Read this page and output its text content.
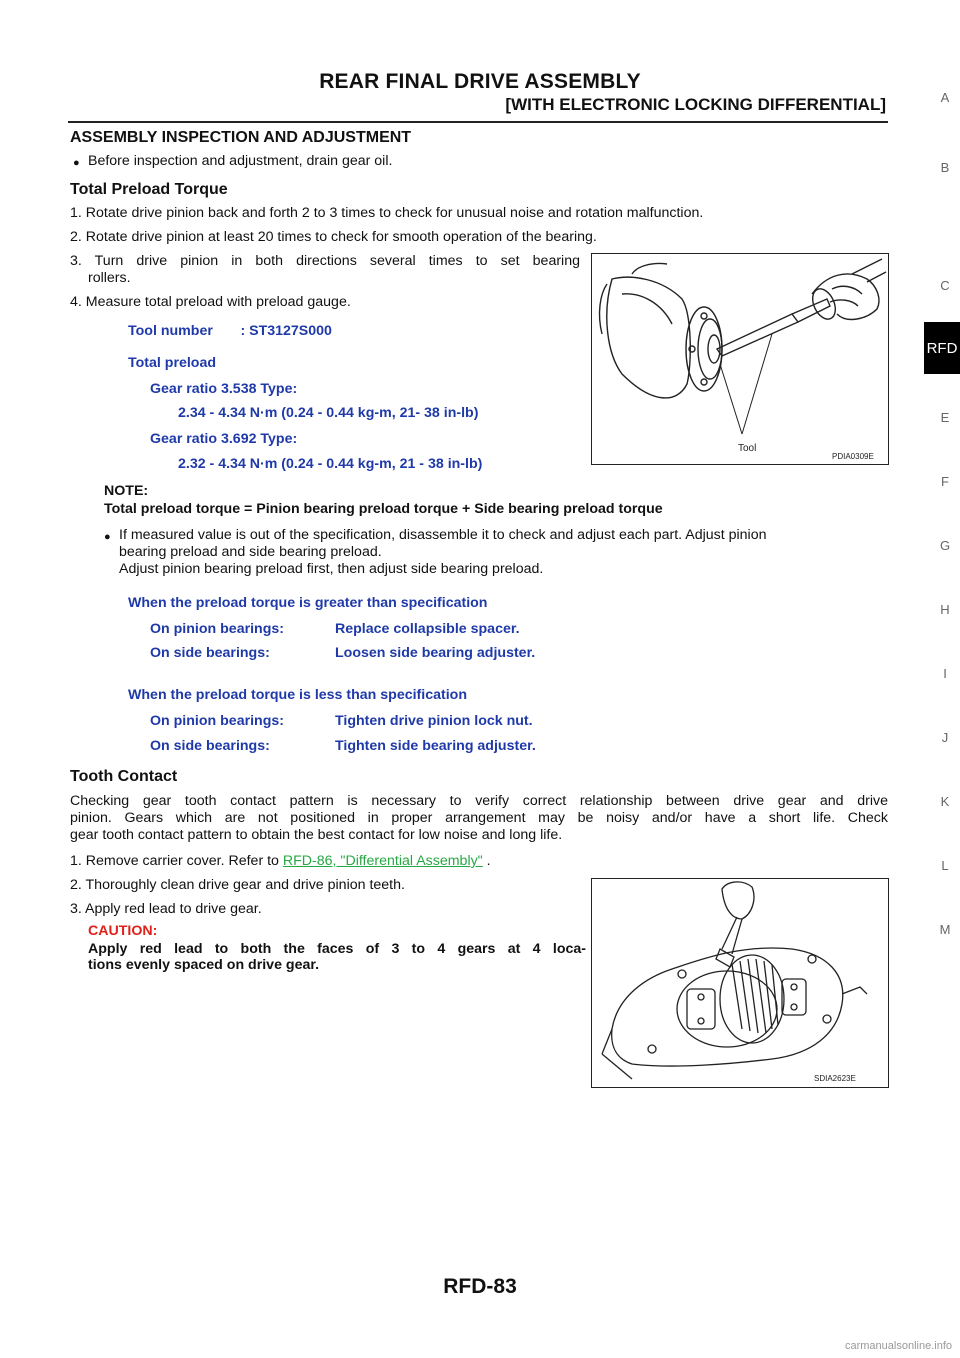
REAR FINAL DRIVE ASSEMBLY
[WITH ELECTRONIC LOCKING DIFFERENTIAL]	A
B
C
RFD
E
F
G
H
I
J
K
L
M
ASSEMBLY INSPECTION AND ADJUSTMENT
● Before inspection and adjustment, drain gear oil.
Total Preload Torque
1. Rotate drive pinion back and forth 2 to 3 times to check for unusual noise and rotation malfunction.
2. Rotate drive pinion at least 20 times to check for smooth operation of the bearing.
3. Turn drive pinion in both directions several times to set bearing
rollers.
4. Measure total preload with preload gauge.
Tool number       : ST3127S000
Total preload
Gear ratio 3.538 Type:
2.34 - 4.34 N·m (0.24 - 0.44 kg-m, 21- 38 in-lb)
Gear ratio 3.692 Type:
2.32 - 4.34 N·m (0.24 - 0.44 kg-m, 21 - 38 in-lb)
Tool
PDIA0309E
NOTE:
Total preload torque = Pinion bearing preload torque + Side bearing preload torque
● If measured value is out of the specification, disassemble it to check and adjust each part. Adjust pinion
bearing preload and side bearing preload.
Adjust pinion bearing preload first, then adjust side bearing preload.
When the preload torque is greater than specification
On pinion bearings:	Replace collapsible spacer.
On side bearings:	Loosen side bearing adjuster.
When the preload torque is less than specification
On pinion bearings:	Tighten drive pinion lock nut.
On side bearings:	Tighten side bearing adjuster.
Tooth Contact
Checking gear tooth contact pattern is necessary to verify correct relationship between drive gear and drive
pinion. Gears which are not positioned in proper arrangement may be noisy and/or have a short life. Check
gear tooth contact pattern to obtain the best contact for low noise and long life.
1. Remove carrier cover. Refer to RFD-86, "Differential Assembly" .
2. Thoroughly clean drive gear and drive pinion teeth.
3. Apply red lead to drive gear.
CAUTION:
Apply red lead to both the faces of 3 to 4 gears at 4 loca-
tions evenly spaced on drive gear.
SDIA2623E
RFD-83
carmanualsonline.info
